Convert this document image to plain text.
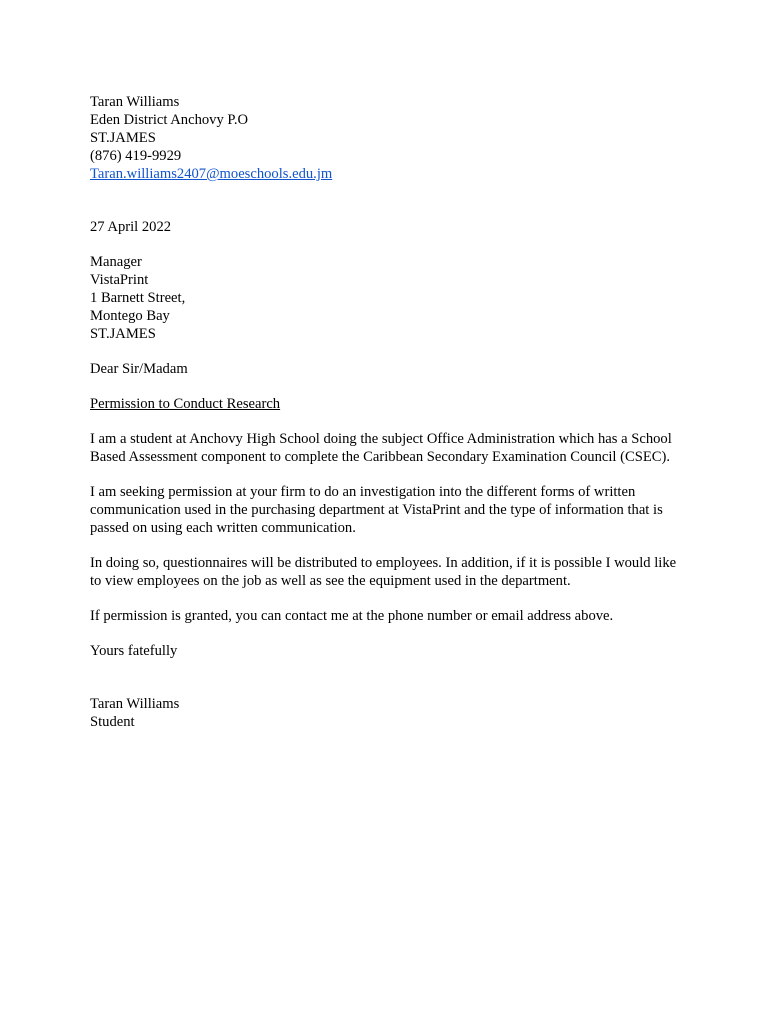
Taran Williams
Eden District Anchovy P.O
ST.JAMES
(876) 419-9929
Taran.williams2407@moeschools.edu.jm
27 April 2022
Manager
VistaPrint
1 Barnett Street,
Montego Bay
ST.JAMES
Dear Sir/Madam
Permission to Conduct Research

I am a student at Anchovy High School doing the subject Office Administration which has a School Based Assessment component to complete the Caribbean Secondary Examination Council (CSEC).

I am seeking permission at your firm to do an investigation into the different forms of written communication used in the purchasing department at VistaPrint and the type of information that is passed on using each written communication.

In doing so, questionnaires will be distributed to employees. In addition, if it is possible I would like to view employees on the job as well as see the equipment used in the department.

If permission is granted, you can contact me at the phone number or email address above.

Yours fatefully
Taran Williams
Student
